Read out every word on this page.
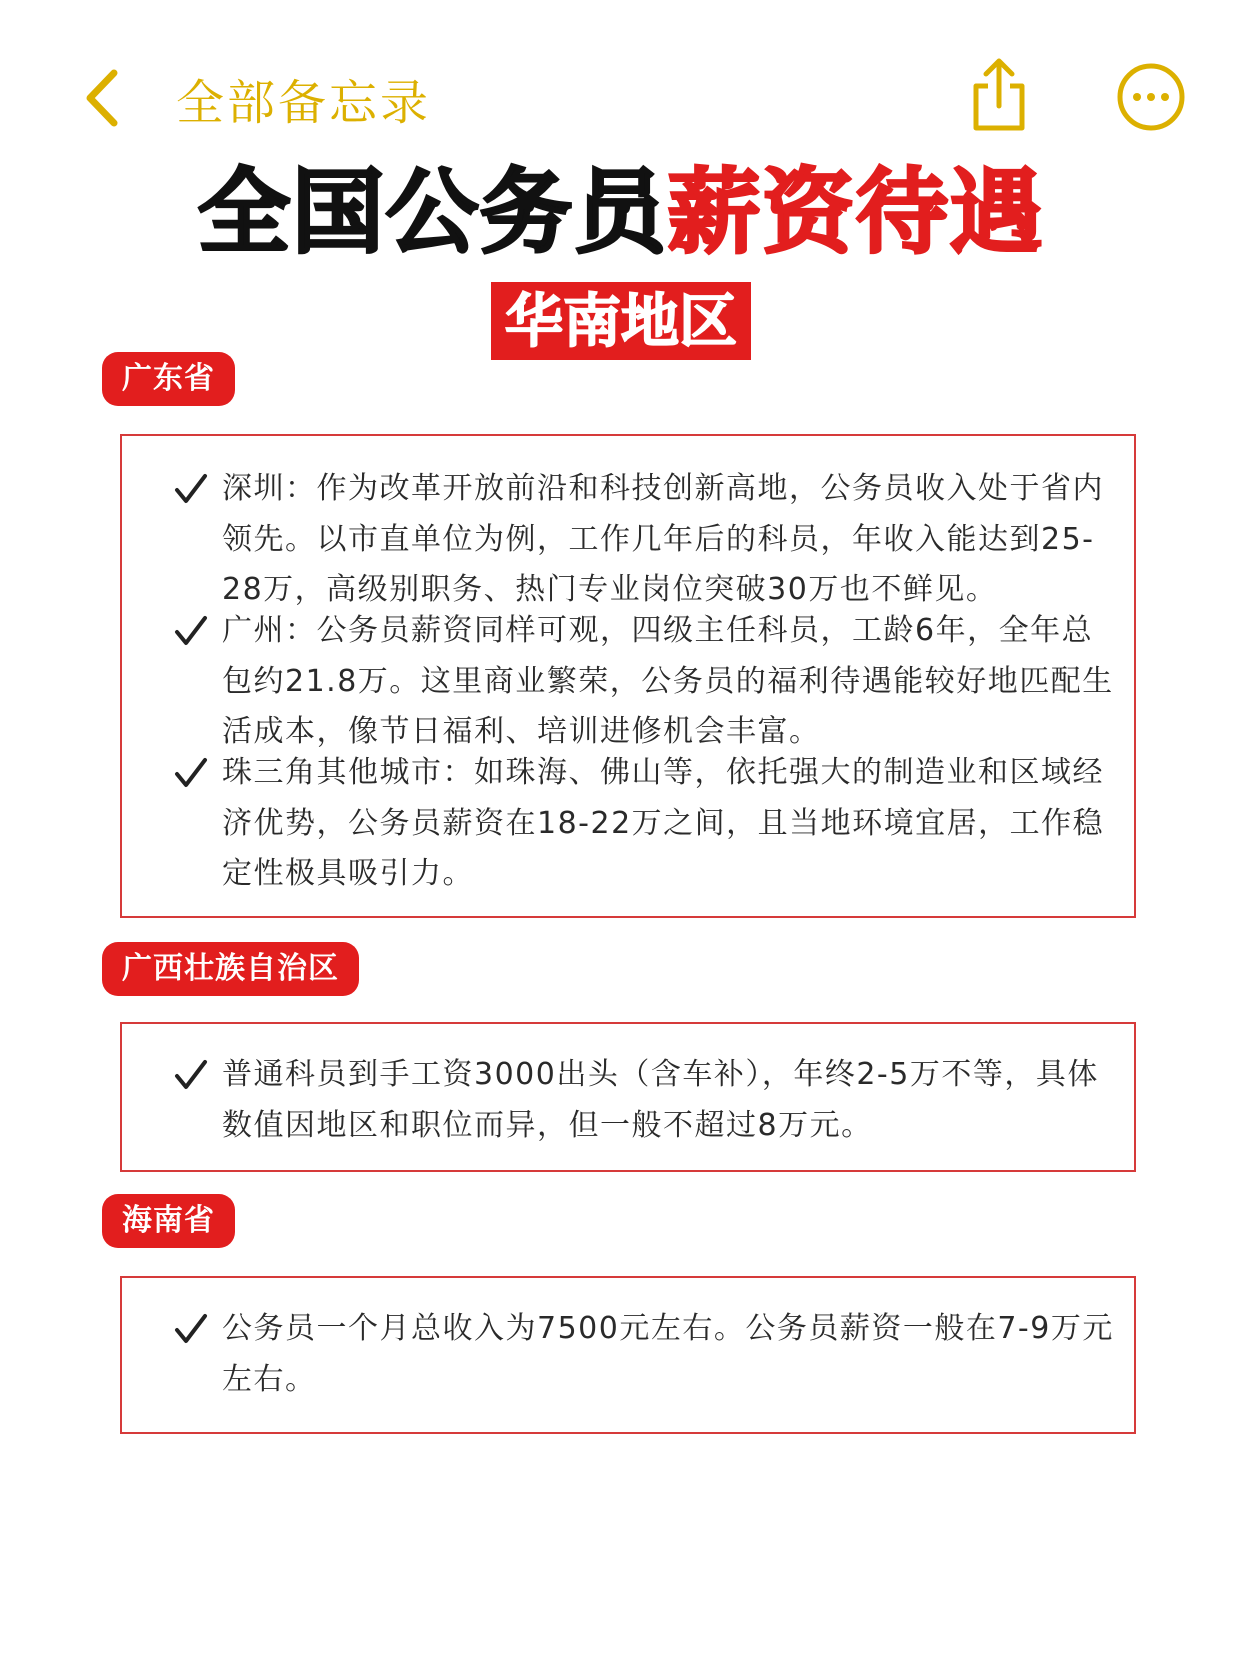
全部备忘录
全国公务员薪资待遇
华南地区
广东省
深圳：作为改革开放前沿和科技创新高地，公务员收入处于省内领先。以市直单位为例，工作几年后的科员，年收入能达到25-28万，高级别职务、热门专业岗位突破30万也不鲜见。
广州：公务员薪资同样可观，四级主任科员，工龄6年，全年总包约21.8万。这里商业繁荣，公务员的福利待遇能较好地匹配生活成本，像节日福利、培训进修机会丰富。
珠三角其他城市：如珠海、佛山等，依托强大的制造业和区域经济优势，公务员薪资在18-22万之间，且当地环境宜居，工作稳定性极具吸引力。
广西壮族自治区
普通科员到手工资3000出头（含车补），年终2-5万不等，具体数值因地区和职位而异，但一般不超过8万元。
海南省
公务员一个月总收入为7500元左右。公务员薪资一般在7-9万元左右。
